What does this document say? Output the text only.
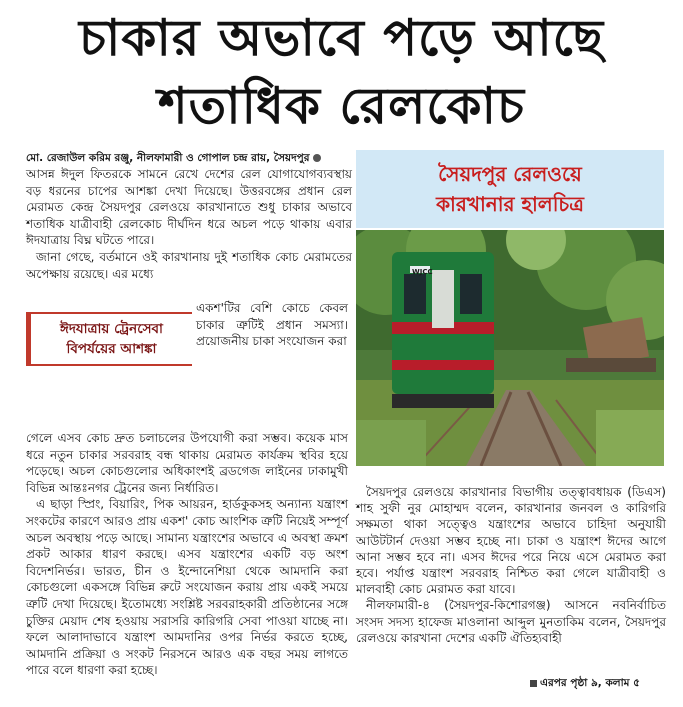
চাকার অভাবে পড়ে আছে
শতাধিক রেলকোচ
মো. রেজাউল করিম রঞ্জু, নীলফামারী ও গোপাল চন্দ্র রায়, সৈয়দপুর

আসন্ন ঈদুল ফিতরকে সামনে রেখে দেশের রেল যোগাযোগব্যবস্থায় বড় ধরনের চাপের আশঙ্কা দেখা দিয়েছে। উত্তরবঙ্গের প্রধান রেল মেরামত কেন্দ্র সৈয়দপুর রেলওয়ে কারখানাতে শুধু চাকার অভাবে শতাধিক যাত্রীবাহী রেলকোচ দীর্ঘদিন ধরে অচল পড়ে থাকায় এবার ঈদযাত্রায় বিঘ্ন ঘটতে পারে।

জানা গেছে, বর্তমানে ওই কারখানায় দুই শতাধিক কোচ মেরামতের অপেক্ষায় রয়েছে। এর মধ্যে

ঈদযাত্রায় ট্রেনসেবা
বিপর্যয়ের আশঙ্কা
একশ'টির বেশি কোচে কেবল চাকার ত্রুটিই প্রধান সমস্যা। প্রয়োজনীয় চাকা সংযোজন করা

গেলে এসব কোচ দ্রুত চলাচলের উপযোগী করা সম্ভব। কয়েক মাস ধরে নতুন চাকার সরবরাহ বন্ধ থাকায় মেরামত কার্যক্রম স্থবির হয়ে পড়েছে। অচল কোচগুলোর অধিকাংশই ব্রডগেজ লাইনের ঢাকামুখী বিভিন্ন আন্তঃনগর ট্রেনের জন্য নির্ধারিত।

এ ছাড়া স্প্রিং, বিয়ারিং, পিক আয়রন, হার্ডকুকসহ অন্যান্য যন্ত্রাংশ সংকটের কারণে আরও প্রায় একশ' কোচ আংশিক ত্রুটি নিয়েই সম্পূর্ণ অচল অবস্থায় পড়ে আছে। সামান্য যন্ত্রাংশের অভাবে এ অবস্থা ক্রমশ প্রকট আকার ধারণ করছে। এসব যন্ত্রাংশের একটি বড় অংশ বিদেশনির্ভর। ভারত, চীন ও ইন্দোনেশিয়া থেকে আমদানি করা কোচগুলো একসঙ্গে বিভিন্ন রুটে সংযোজন করায় প্রায় একই সময়ে ত্রুটি দেখা দিয়েছে। ইতোমধ্যে সংশ্লিষ্ট সরবরাহকারী প্রতিষ্ঠানের সঙ্গে চুক্তির মেয়াদ শেষ হওয়ায় সরাসরি কারিগরি সেবা পাওয়া যাচ্ছে না। ফলে আলাদাভাবে যন্ত্রাংশ আমদানির ওপর নির্ভর করতে হচ্ছে, আমদানি প্রক্রিয়া ও সংকট নিরসনে আরও এক বছর সময় লাগতে পারে বলে ধারণা করা হচ্ছে।

সৈয়দপুর রেলওয়ে
কারখানার হালচিত্র
WJCC

সৈয়দপুর রেলওয়ে কারখানার বিভাগীয় তত্ত্বাবধায়ক (ডিএস) শাহ সুফী নুর মোহাম্মদ বলেন, কারখানার জনবল ও কারিগরি সক্ষমতা থাকা সত্ত্বেও যন্ত্রাংশের অভাবে চাহিদা অনুযায়ী আউটটার্ন দেওয়া সম্ভব হচ্ছে না। চাকা ও যন্ত্রাংশ ঈদের আগে আনা সম্ভব হবে না। এসব ঈদের পরে নিয়ে এসে মেরামত করা হবে। পর্যাপ্ত যন্ত্রাংশ সরবরাহ নিশ্চিত করা গেলে যাত্রীবাহী ও মালবাহী কোচ মেরামত করা যাবে।

নীলফামারী-৪ (সৈয়দপুর-কিশোরগঞ্জ) আসনে নবনির্বাচিত সংসদ সদস্য হাফেজ মাওলানা আব্দুল মুনতাকিম বলেন, সৈয়দপুর রেলওয়ে কারখানা দেশের একটি ঐতিহ্যবাহী

এরপর পৃষ্ঠা ৯, কলাম ৫
